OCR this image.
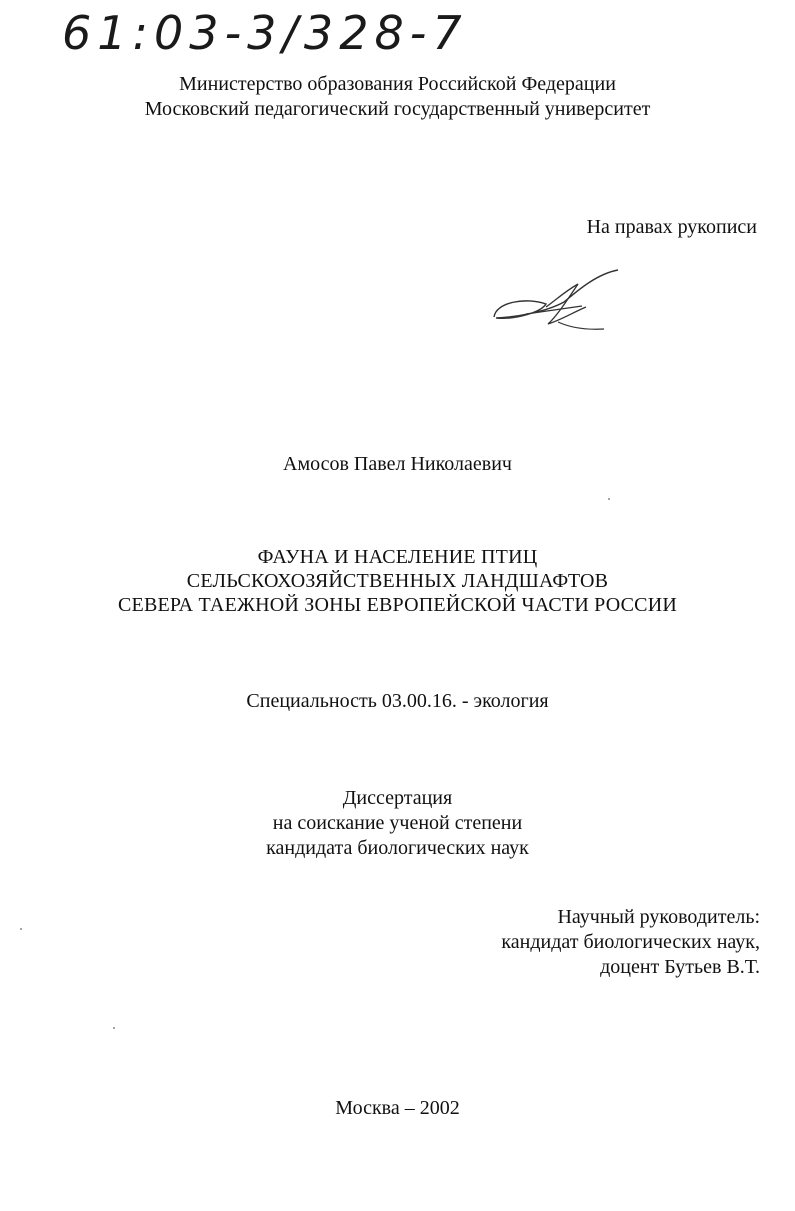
61:03-3/328-7
Министерство образования Российской Федерации
Московский педагогический государственный университет
На правах рукописи
Амосов Павел Николаевич
ФАУНА И НАСЕЛЕНИЕ ПТИЦ
СЕЛЬСКОХОЗЯЙСТВЕННЫХ ЛАНДШАФТОВ
СЕВЕРА ТАЕЖНОЙ ЗОНЫ ЕВРОПЕЙСКОЙ ЧАСТИ РОССИИ
Специальность 03.00.16. - экология
Диссертация
на соискание ученой степени
кандидата биологических наук
Научный руководитель:
кандидат биологических наук,
доцент Бутьев В.Т.
Москва – 2002
